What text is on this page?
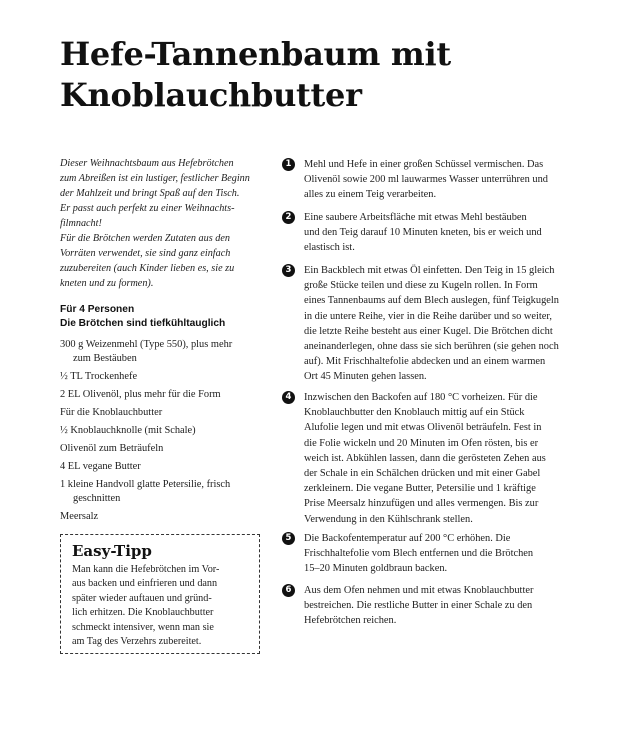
Hefe-Tannenbaum mit
Knoblauchbutter
Dieser Weihnachtsbaum aus Hefebrötchen
zum Abreißen ist ein lustiger, festlicher Beginn
der Mahlzeit und bringt Spaß auf den Tisch.
Er passt auch perfekt zu einer Weihnachts-
filmnacht!
Für die Brötchen werden Zutaten aus den
Vorräten verwendet, sie sind ganz einfach
zuzubereiten (auch Kinder lieben es, sie zu
kneten und zu formen).
Für 4 Personen
Die Brötchen sind tiefkühltauglich
300 g Weizenmehl (Type 550), plus mehr
zum Bestäuben
½ TL Trockenhefe
2 EL Olivenöl, plus mehr für die Form
Für die Knoblauchbutter
½ Knoblauchknolle (mit Schale)
Olivenöl zum Beträufeln
4 EL vegane Butter
1 kleine Handvoll glatte Petersilie, frisch
geschnitten
Meersalz
Easy-Tipp
Man kann die Hefebrötchen im Vor-
aus backen und einfrieren und dann
später wieder auftauen und gründ-
lich erhitzen. Die Knoblauchbutter
schmeckt intensiver, wenn man sie
am Tag des Verzehrs zubereitet.
1	Mehl und Hefe in einer großen Schüssel vermischen. Das
Olivenöl sowie 200 ml lauwarmes Wasser unterrühren und
alles zu einem Teig verarbeiten.
2	Eine saubere Arbeitsfläche mit etwas Mehl bestäuben
und den Teig darauf 10 Minuten kneten, bis er weich und
elastisch ist.
3	Ein Backblech mit etwas Öl einfetten. Den Teig in 15 gleich
große Stücke teilen und diese zu Kugeln rollen. In Form
eines Tannenbaums auf dem Blech auslegen, fünf Teigkugeln
in die untere Reihe, vier in die Reihe darüber und so weiter,
die letzte Reihe besteht aus einer Kugel. Die Brötchen dicht
aneinanderlegen, ohne dass sie sich berühren (sie gehen noch
auf). Mit Frischhaltefolie abdecken und an einem warmen
Ort 45 Minuten gehen lassen.
4	Inzwischen den Backofen auf 180 °C vorheizen. Für die
Knoblauchbutter den Knoblauch mittig auf ein Stück
Alufolie legen und mit etwas Olivenöl beträufeln. Fest in
die Folie wickeln und 20 Minuten im Ofen rösten, bis er
weich ist. Abkühlen lassen, dann die gerösteten Zehen aus
der Schale in ein Schälchen drücken und mit einer Gabel
zerkleinern. Die vegane Butter, Petersilie und 1 kräftige
Prise Meersalz hinzufügen und alles vermengen. Bis zur
Verwendung in den Kühlschrank stellen.
5	Die Backofentemperatur auf 200 °C erhöhen. Die
Frischhaltefolie vom Blech entfernen und die Brötchen
15–20 Minuten goldbraun backen.
6	Aus dem Ofen nehmen und mit etwas Knoblauchbutter
bestreichen. Die restliche Butter in einer Schale zu den
Hefebrötchen reichen.
